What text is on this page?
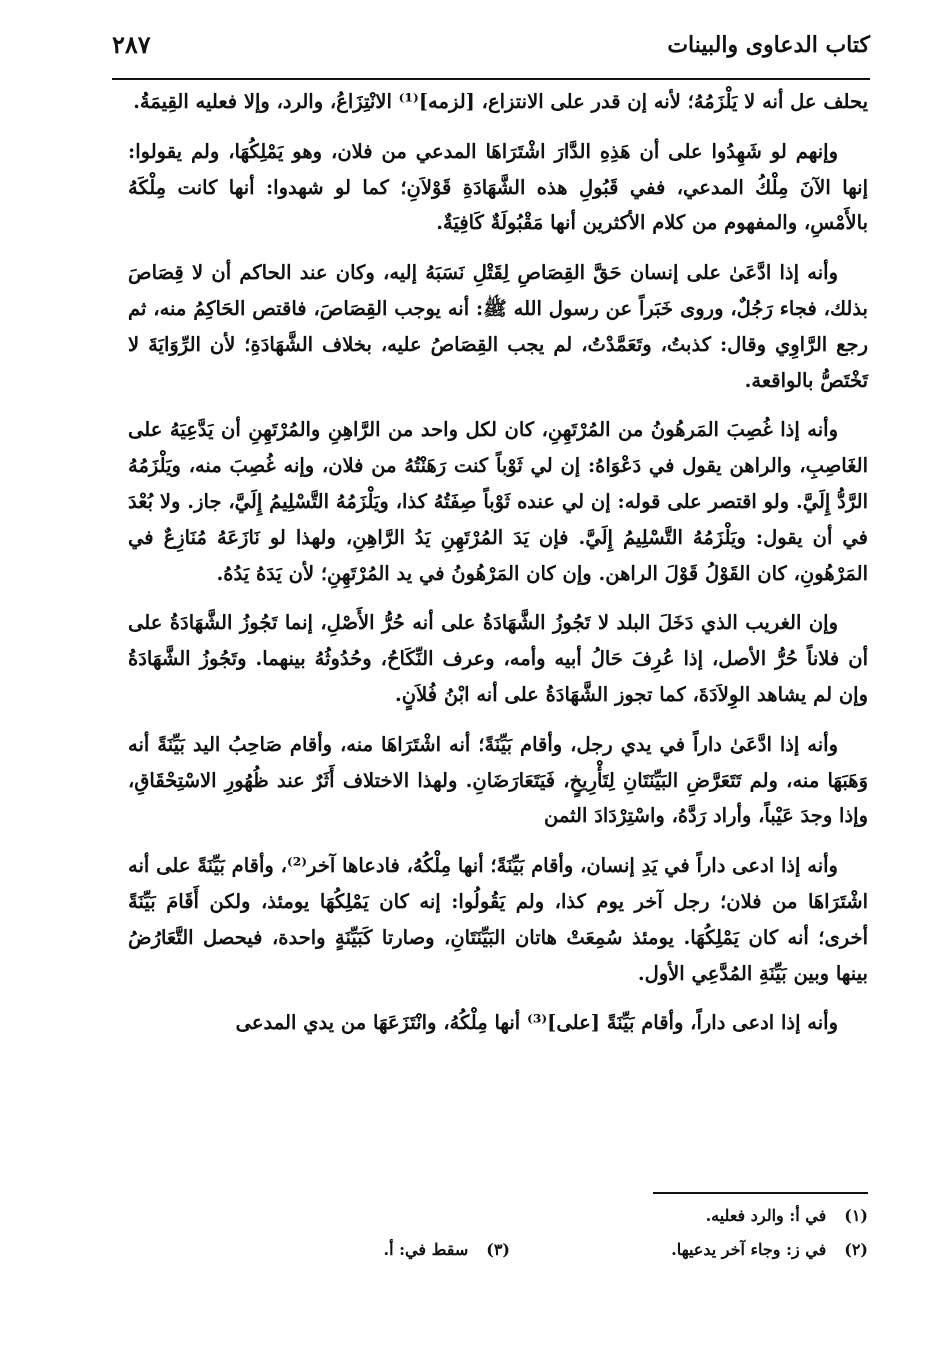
كتاب الدعاوى والبينات
٢٨٧

يحلف عل أنه لا يَلْزَمُهُ؛ لأنه إن قدر على الانتزاع، [لزمه]⁽¹⁾ الانْتِزَاعُ، والرد، وإلا فعليه القِيمَةُ.

وإنهم لو شَهِدُوا على أن هَذِهِ الدَّارَ اشْتَرَاهَا المدعي من فلان، وهو يَمْلِكُهَا، ولم يقولوا: إنها الآنَ مِلْكُ المدعي، ففي قَبُولِ هذه الشَّهَادَةِ قَوْلاَنِ؛ كما لو شهدوا: أنها كانت مِلْكَهُ بالأَمْسِ، والمفهوم من كلام الأكثرين أنها مَقْبُولَةٌ كَافِيَةٌ.

وأنه إذا ادَّعَىٰ على إنسان حَقَّ القِصَاصِ لِقَتْلِ نَسَبَهُ إليه، وكان عند الحاكم أن لا قِصَاصَ بذلك، فجاء رَجُلٌ، وروى خَبَراً عن رسول الله ﷺ: أنه يوجب القِصَاصَ، فاقتص الحَاكِمُ منه، ثم رجع الرَّاوِي وقال: كذبتُ، وتَعَمَّدْتُ، لم يجب القِصَاصُ عليه، بخلاف الشَّهَادَةِ؛ لأن الرِّوَايَةَ لا تَخْتَصُّ بالواقعة.

وأنه إذا غُصِبَ المَرهُونُ من المُرْتَهِنِ، كان لكل واحد من الرَّاهِنِ والمُرْتَهِنِ أن يَدَّعِيَهُ على الغَاصِبِ، والراهن يقول في دَعْوَاهُ: إن لي ثَوْباً كنت رَهَنْتُهُ من فلان، وإنه غُصِبَ منه، ويَلْزَمُهُ الرَّدُّ إِلَيَّ. ولو اقتصر على قوله: إن لي عنده ثَوْباً صِفَتُهُ كذا، ويَلْزَمُهُ التَّسْلِيمُ إِلَيَّ، جاز. ولا بُعْدَ في أن يقول: ويَلْزَمُهُ التَّسْلِيمُ إِلَيَّ. فإن يَدَ المُرْتَهِنِ يَدُ الرَّاهِنِ، ولهذا لو نَازَعَهُ مُنَازِعٌ في المَرْهُونِ، كان القَوْلُ قَوْلَ الراهن. وإن كان المَرْهُونُ في يد المُرْتَهِنِ؛ لأن يَدَهُ يَدُهُ.

وإن الغريب الذي دَخَلَ البلد لا تَجُوزُ الشَّهَادَةُ على أنه حُرُّ الأَصْلِ، إنما تَجُوزُ الشَّهَادَةُ على أن فلاناً حُرُّ الأصل، إذا عُرِفَ حَالُ أبيه وأمه، وعرف النِّكَاحُ، وحُدُوثُهُ بينهما. وتَجُوزُ الشَّهَادَةُ وإن لم يشاهد الوِلاَدَةَ، كما تجوز الشَّهَادَةُ على أنه ابْنُ فُلاَنٍ.

وأنه إذا ادَّعَىٰ داراً في يدي رجل، وأقام بَيِّنَةً؛ أنه اشْتَرَاهَا منه، وأقام صَاحِبُ اليد بَيِّنَةً أنه وَهَبَهَا منه، ولم تَتَعَرَّضِ البَيِّنَتَانِ لِتَأْرِيخٍ، فَيَتَعَارَضَانِ. ولهذا الاختلاف أَثَرٌ عند ظُهُورِ الاسْتِحْقَاقِ، وإذا وجدَ عَيْباً، وأراد رَدَّهُ، واسْتِرْدَادَ الثمن

وأنه إذا ادعى داراً في يَدِ إنسان، وأقام بَيِّنَةً؛ أنها مِلْكُهُ، فادعاها آخر⁽²⁾، وأقام بَيِّنَةً على أنه اشْتَرَاهَا من فلان؛ رجل آخر يوم كذا، ولم يَقُولُوا: إنه كان يَمْلِكُهَا يومئذ، ولكن أَقَامَ بَيِّنَةً أخرى؛ أنه كان يَمْلِكُهَا. يومئذ سُمِعَتْ هاتان البَيِّنَتَانِ، وصارتا كَبَيِّنَةٍ واحدة، فيحصل التَّعَارُضُ بينها وبين بَيِّنَةِ المُدَّعِي الأول.

وأنه إذا ادعى داراً، وأقام بَيِّنَةً [على]⁽³⁾ أنها مِلْكُهُ، وانْتَزَعَهَا من يدي المدعى

(١)في أ: والرد فعليه.
(٢)في ز: وجاء آخر يدعيها.
(٣)سقط في: أ.
